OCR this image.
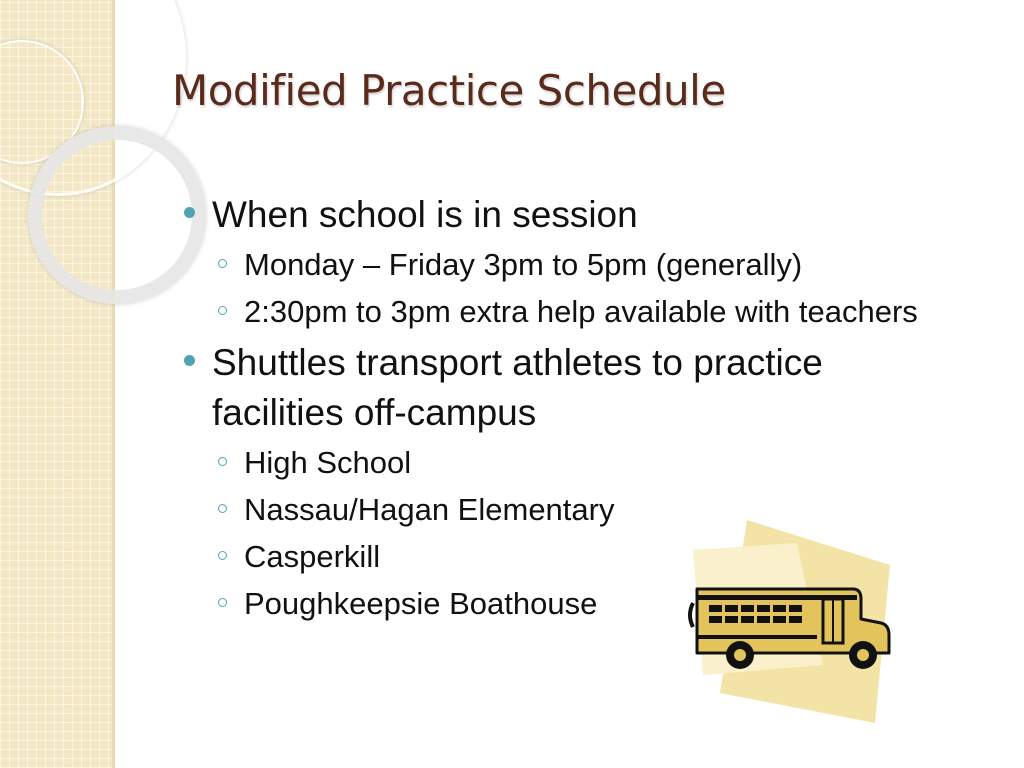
Modified Practice Schedule
When school is in session
Monday – Friday 3pm to 5pm (generally)
2:30pm to 3pm extra help available with teachers
Shuttles transport athletes to practice facilities off-campus
High School
Nassau/Hagan Elementary
Casperkill
Poughkeepsie Boathouse
